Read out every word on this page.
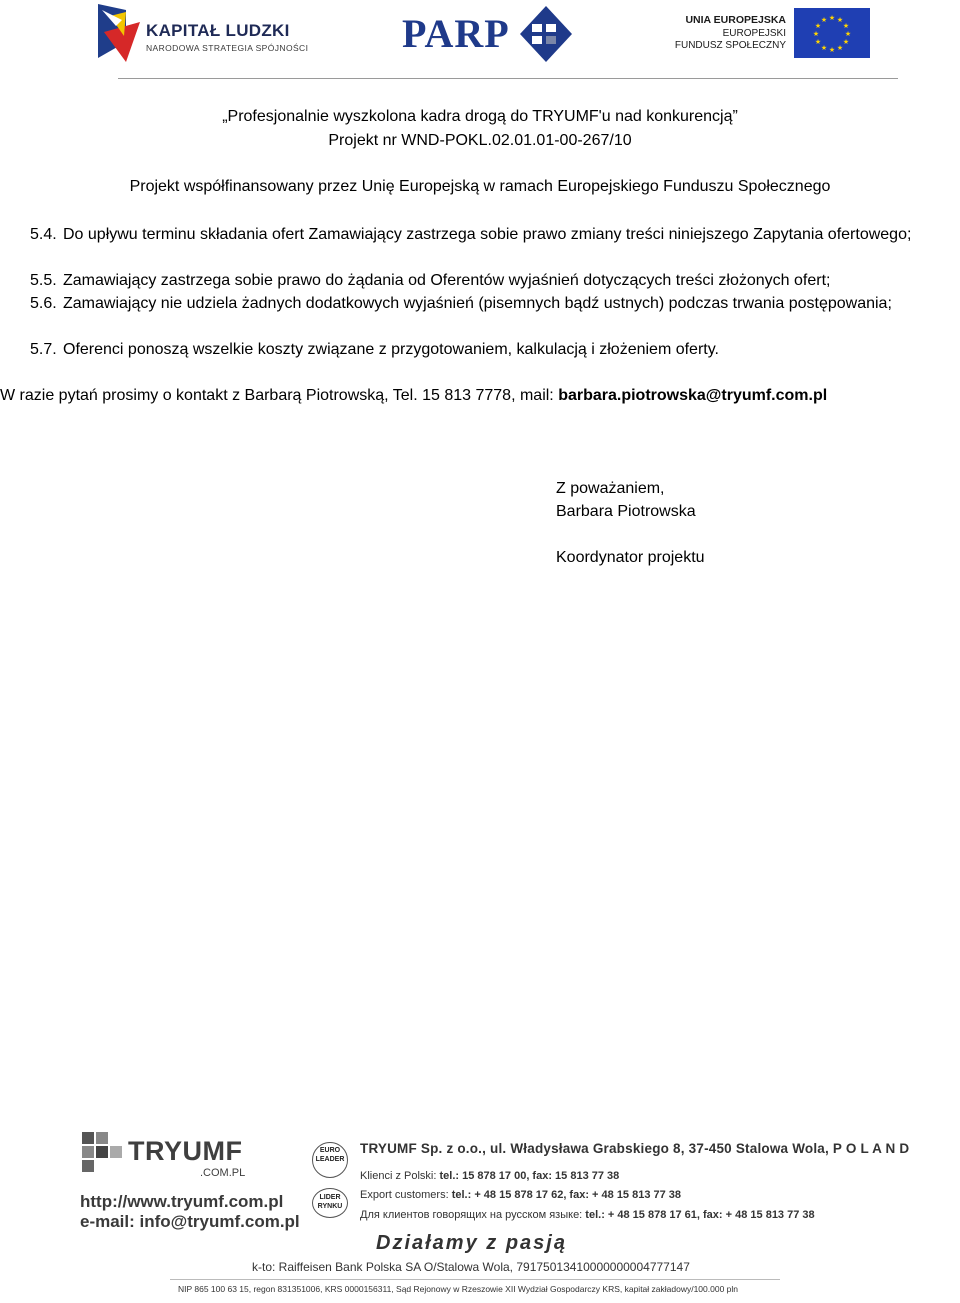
KAPITAŁ LUDZKI
NARODOWA STRATEGIA SPÓJNOŚCI PARP	UNIA EUROPEJSKA
EUROPEJSKI
FUNDUSZ SPOŁECZNY
★ ★
★
★
★
★
★
★
★
★
★
★
„Profesjonalnie wyszkolona kadra drogą do TRYUMF'u nad konkurencją”
Projekt nr WND-POKL.02.01.01-00-267/10
Projekt współfinansowany przez Unię Europejską w ramach Europejskiego Funduszu Społecznego
5.4. Do upływu terminu składania ofert Zamawiający zastrzega sobie prawo zmiany treści niniejszego Zapytania ofertowego;
5.5. Zamawiający zastrzega sobie prawo do żądania od Oferentów wyjaśnień dotyczących treści złożonych ofert;
5.6. Zamawiający nie udziela żadnych dodatkowych wyjaśnień (pisemnych bądź ustnych) podczas trwania postępowania;
5.7. Oferenci ponoszą wszelkie koszty związane z przygotowaniem, kalkulacją i złożeniem oferty.
W razie pytań prosimy o kontakt z Barbarą Piotrowską, Tel. 15 813 7778, mail: barbara.piotrowska@tryumf.com.pl
Z poważaniem,
Barbara Piotrowska
Koordynator projektu
TRYUMF
.COM.PL
http://www.tryumf.com.pl
e-mail: info@tryumf.com.pl
EURO LEADER
LIDER RYNKU
TRYUMF Sp. z o.o., ul. Władysława Grabskiego 8, 37-450 Stalowa Wola, P O L A N D
Klienci z Polski: tel.: 15 878 17 00, fax: 15 813 77 38
Export customers: tel.: + 48 15 878 17 62, fax: + 48 15 813 77 38
Для клиентов говорящих на русском языке: tel.: + 48 15 878 17 61, fax: + 48 15 813 77 38
Działamy z pasją
k-to: Raiffeisen Bank Polska SA O/Stalowa Wola, 79175013410000000004777147
NIP 865 100 63 15, regon 831351006, KRS 0000156311, Sąd Rejonowy w Rzeszowie XII Wydział Gospodarczy KRS, kapitał zakładowy/100.000 pln
